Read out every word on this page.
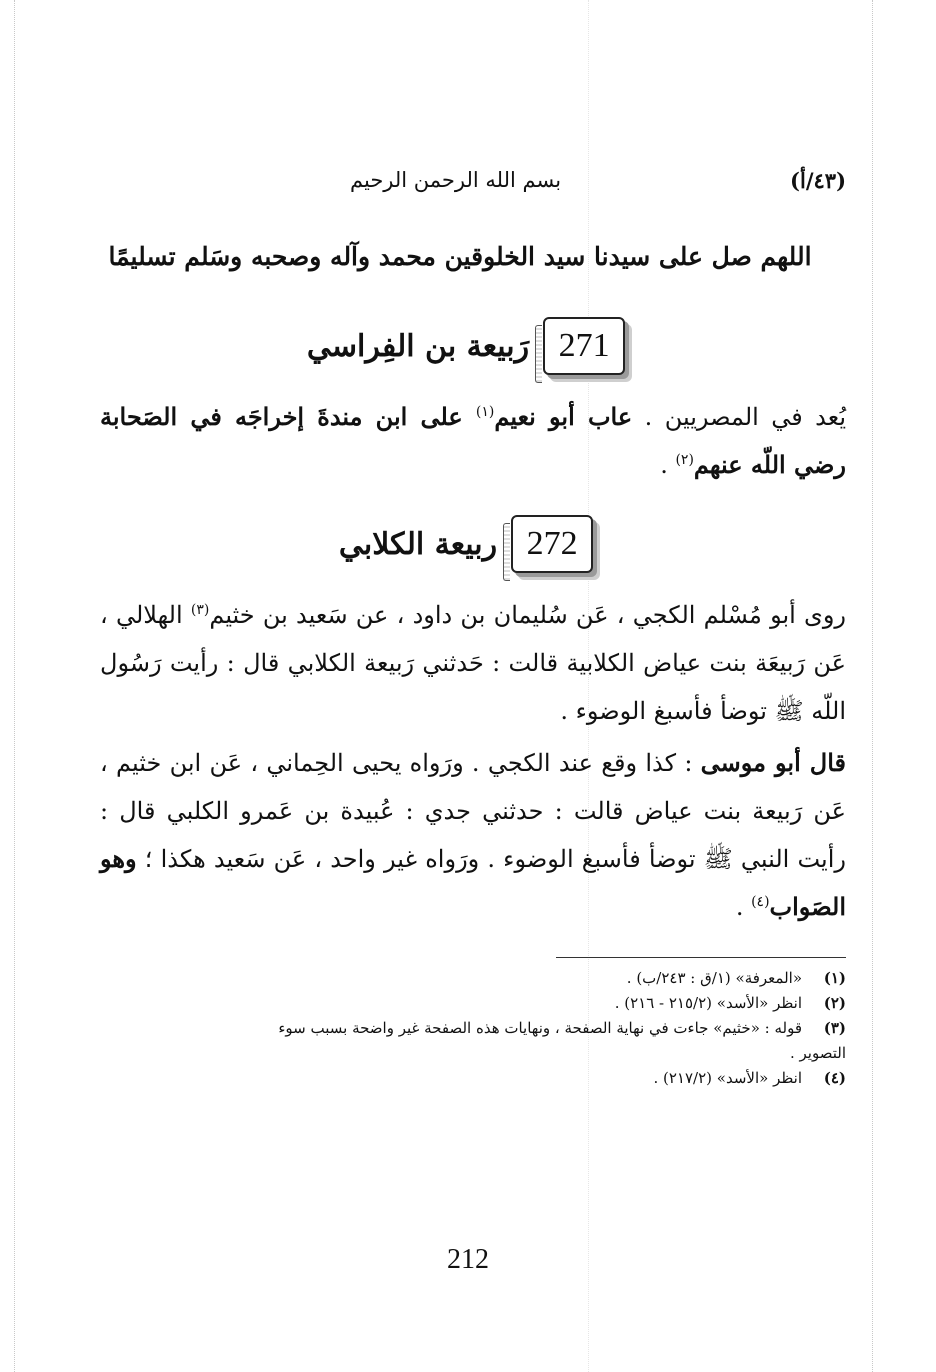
(٤٣/أ)
بسم الله الرحمن الرحيم
اللهم صل على سيدنا سيد الخلوقين محمد وآله وصحبه وسَلم تسليمًا
271
رَبيعة بن الفِراسي

يُعد في المصريين . عاب أبو نعيم$^{(١)}$ على ابن مندةَ إخراجَه في الصَحابة رضي اللّه عنهم$^{(٢)}$ .

272
ربيعة الكلابي

روى أبو مُسْلم الكجي ، عَن سُليمان بن داود ، عن سَعيد بن خثيم$^{(٣)}$ الهلالي ، عَن رَبيعَة بنت عياض الكلابية قالت : حَدثني رَبيعة الكلابي قال : رأيت رَسُول اللّه ﷺ توضأ فأسبغ الوضوء .

قال أبو موسى : كذا وقع عند الكجي . ورَواه يحيى الحِماني ، عَن ابن خثيم ، عَن رَبيعة بنت عياض قالت : حدثني جدي : عُبيدة بن عَمرو الكلبي قال : رأيت النبي ﷺ توضأ فأسبغ الوضوء . ورَواه غير واحد ، عَن سَعيد هكذا ؛ وهو الصَواب$^{(٤)}$ .

(١)
«المعرفة» (١/ق : ٢٤٣/ب) .
(٢)
انظر «الأسد» (٢١٥/٢ - ٢١٦) .
(٣)
قوله : «خثيم» جاءت في نهاية الصفحة ، ونهايات هذه الصفحة غير واضحة بسبب سوء
التصوير .
(٤)
انظر «الأسد» (٢١٧/٢) .
212
